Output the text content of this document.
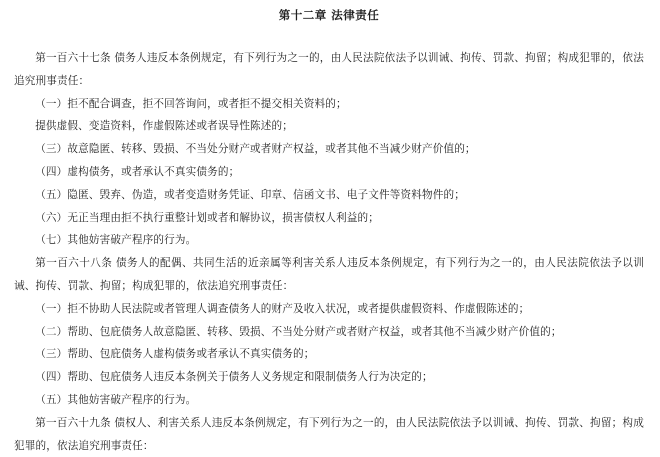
第十二章 法律责任

第一百六十七条 债务人违反本条例规定，有下列行为之一的，由人民法院依法予以训诫、拘传、罚款、拘留；构成犯罪的，依法追究刑事责任：

（一）拒不配合调查，拒不回答询问，或者拒不提交相关资料的；

提供虚假、变造资料，作虚假陈述或者误导性陈述的；

（三）故意隐匿、转移、毁损、不当处分财产或者财产权益，或者其他不当减少财产价值的；

（四）虚构债务，或者承认不真实债务的；

（五）隐匿、毁弃、伪造，或者变造财务凭证、印章、信函文书、电子文件等资料物件的；

（六）无正当理由拒不执行重整计划或者和解协议，损害债权人利益的；

（七）其他妨害破产程序的行为。

第一百六十八条 债务人的配偶、共同生活的近亲属等利害关系人违反本条例规定，有下列行为之一的，由人民法院依法予以训诫、拘传、罚款、拘留；构成犯罪的，依法追究刑事责任：

（一）拒不协助人民法院或者管理人调查债务人的财产及收入状况，或者提供虚假资料、作虚假陈述的；

（二）帮助、包庇债务人故意隐匿、转移、毁损、不当处分财产或者财产权益，或者其他不当减少财产价值的；

（三）帮助、包庇债务人虚构债务或者承认不真实债务的；

（四）帮助、包庇债务人违反本条例关于债务人义务规定和限制债务人行为决定的；

（五）其他妨害破产程序的行为。

第一百六十九条 债权人、利害关系人违反本条例规定，有下列行为之一的，由人民法院依法予以训诫、拘传、罚款、拘留；构成犯罪的，依法追究刑事责任：
